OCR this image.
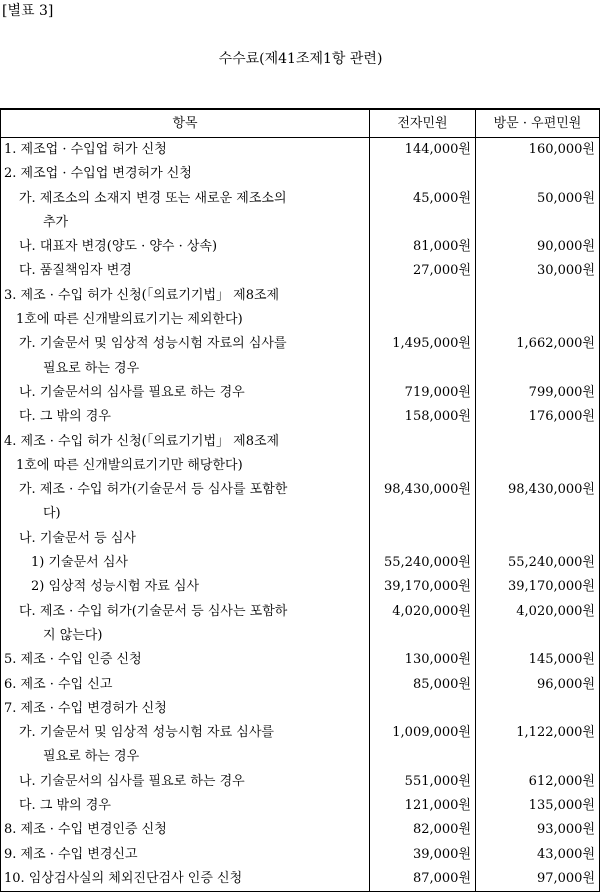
[별표 3]
수수료(제41조제1항 관련)
항목	전자민원	방문 · 우편민원

1. 제조업 · 수입업 허가 신청	144,000원	160,000원

2. 제조업 · 수입업 변경허가 신청		

가. 제조소의 소재지 변경 또는 새로운 제조소의
추가	45,000원	50,000원

나. 대표자 변경(양도 · 양수 · 상속)	81,000원	90,000원

다. 품질책임자 변경	27,000원	30,000원

3. 제조 · 수입 허가 신청(「의료기기법」 제8조제
1호에 따른 신개발의료기기는 제외한다)		

가. 기술문서 및 임상적 성능시험 자료의 심사를
필요로 하는 경우	1,495,000원	1,662,000원

나. 기술문서의 심사를 필요로 하는 경우	719,000원	799,000원

다. 그 밖의 경우	158,000원	176,000원

4. 제조 · 수입 허가 신청(「의료기기법」 제8조제
1호에 따른 신개발의료기기만 해당한다)		

가. 제조 · 수입 허가(기술문서 등 심사를 포함한
다)	98,430,000원	98,430,000원

나. 기술문서 등 심사		

1) 기술문서 심사	55,240,000원	55,240,000원

2) 임상적 성능시험 자료 심사	39,170,000원	39,170,000원

다. 제조 · 수입 허가(기술문서 등 심사는 포함하
지 않는다)	4,020,000원	4,020,000원

5. 제조 · 수입 인증 신청	130,000원	145,000원

6. 제조 · 수입 신고	85,000원	96,000원

7. 제조 · 수입 변경허가 신청		

가. 기술문서 및 임상적 성능시험 자료 심사를
필요로 하는 경우	1,009,000원	1,122,000원

나. 기술문서의 심사를 필요로 하는 경우	551,000원	612,000원

다. 그 밖의 경우	121,000원	135,000원

8. 제조 · 수입 변경인증 신청	82,000원	93,000원

9. 제조 · 수입 변경신고	39,000원	43,000원

10. 임상검사실의 체외진단검사 인증 신청	87,000원	97,000원
